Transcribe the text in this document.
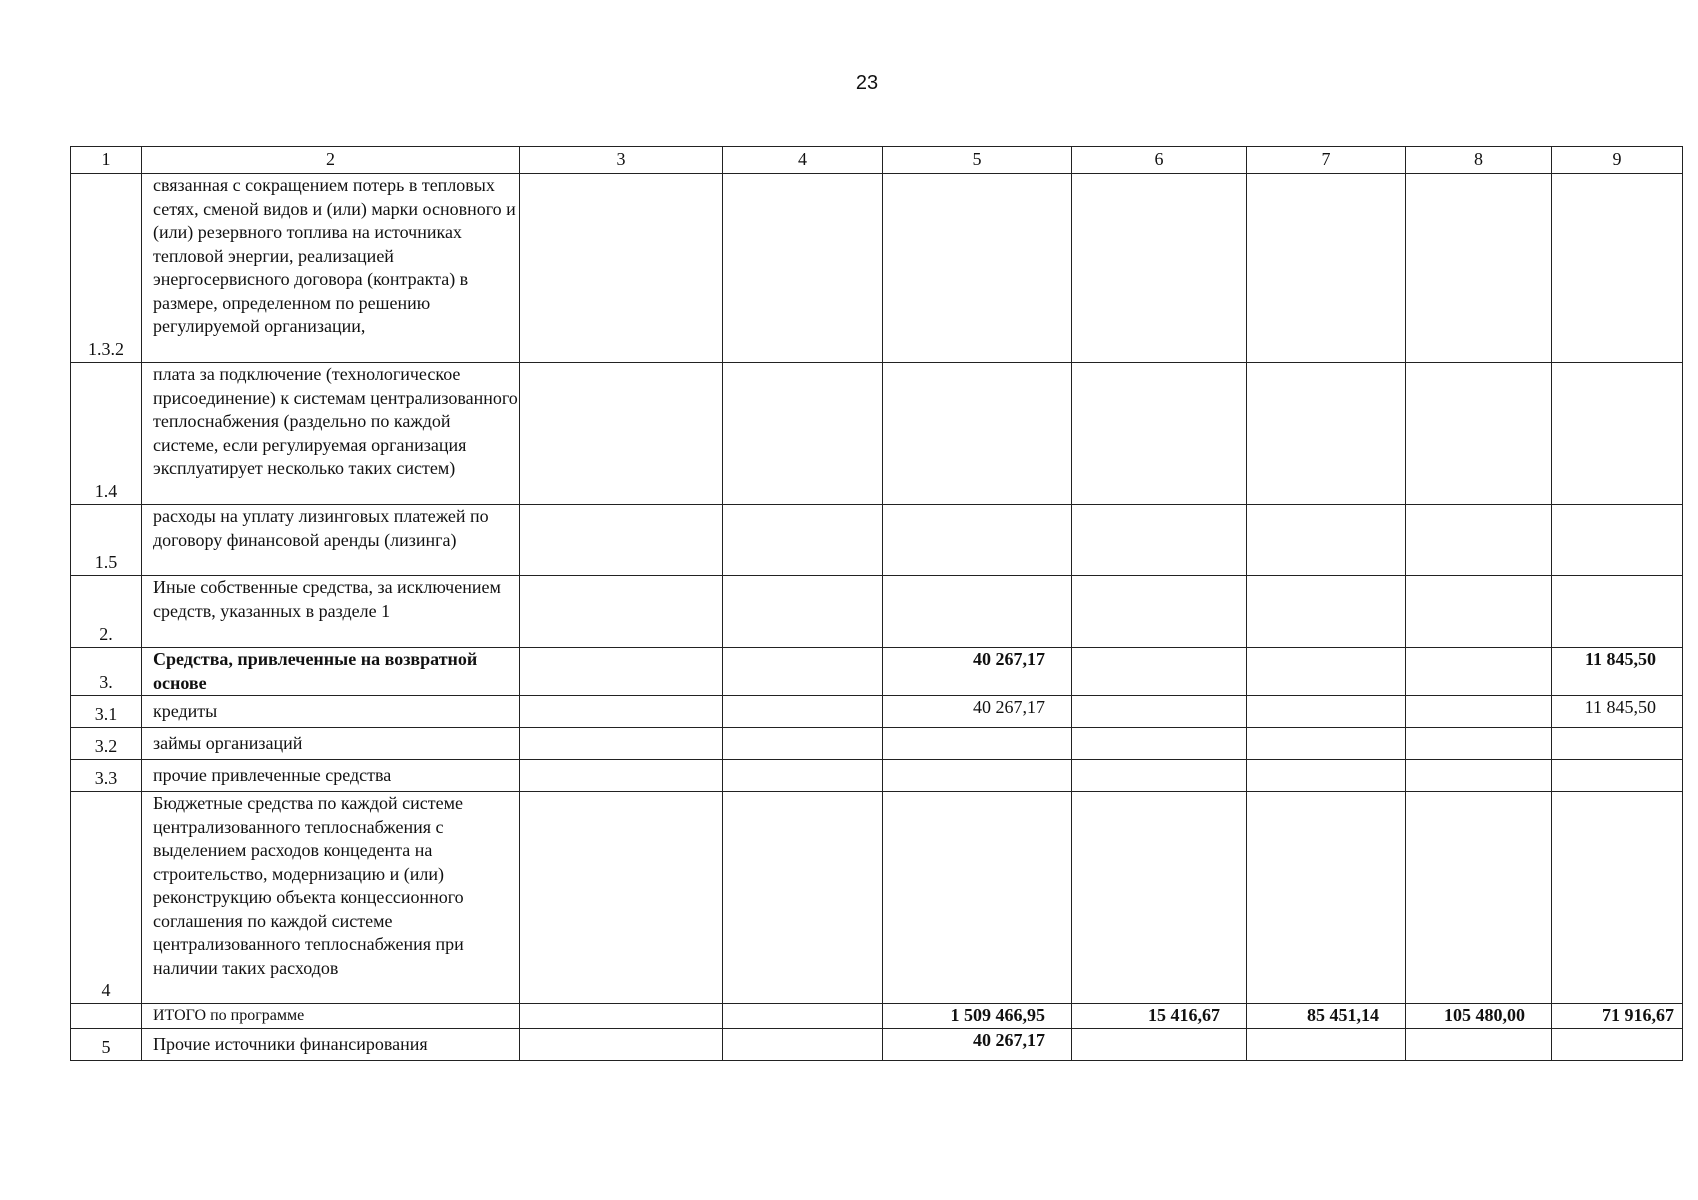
23
1	2	3	4	5	6	7	8	9

1.3.2	связанная с сокращением потерь в тепловых сетях, сменой видов и (или) марки основного и (или) резервного топлива на источниках тепловой энергии, реализацией энергосервисного договора (контракта) в размере, определенном по решению регулируемой организации,							

1.4	плата за подключение (технологическое присоединение) к системам централизованного теплоснабжения (раздельно по каждой системе, если регулируемая организация эксплуатирует несколько таких систем)							

1.5	расходы на уплату лизинговых платежей по договору финансовой аренды (лизинга)							

2.	Иные собственные средства, за исключением средств, указанных в разделе 1							

3.	Средства, привлеченные на возвратной основе			40 267,17				11 845,50

3.1	кредиты			40 267,17				11 845,50

3.2	займы организаций							

3.3	прочие привлеченные средства							

4	Бюджетные средства по каждой системе централизованного теплоснабжения с выделением расходов концедента на строительство, модернизацию и (или) реконструкцию объекта концессионного соглашения по каждой системе централизованного теплоснабжения при наличии таких расходов							

	ИТОГО по программе			1 509 466,95	15 416,67	85 451,14	105 480,00	71 916,67

5	Прочие источники финансирования			40 267,17				
